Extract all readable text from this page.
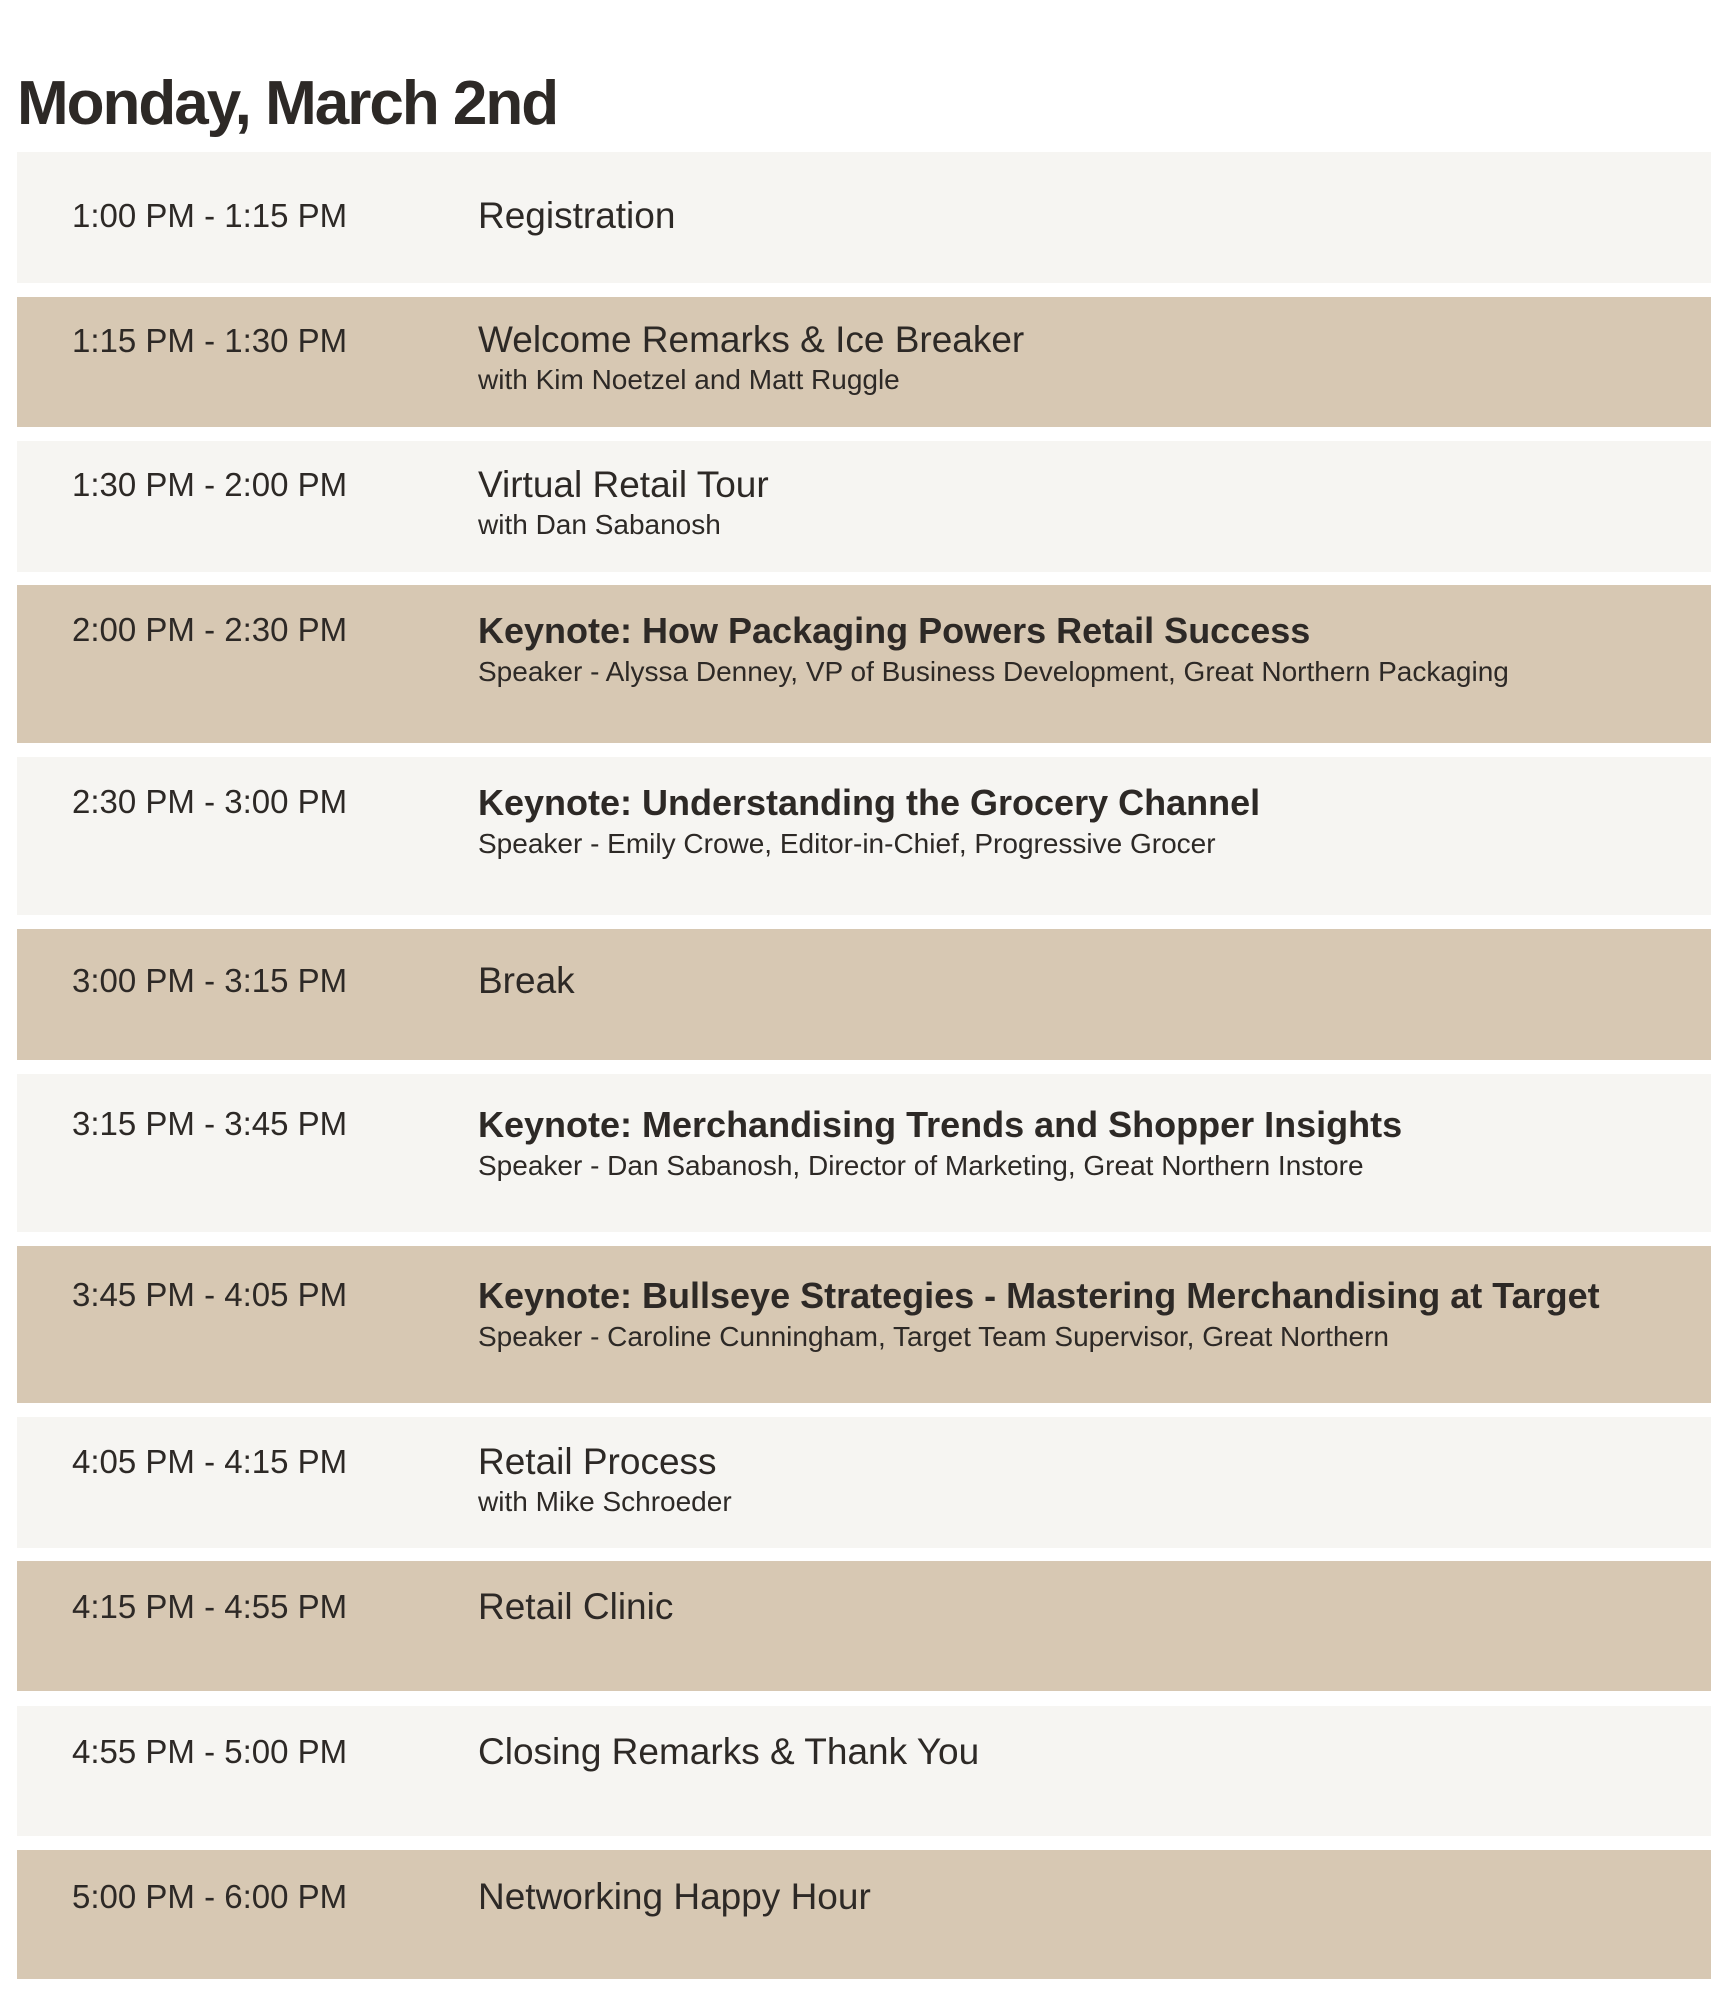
Monday, March 2nd
1:00 PM - 1:15 PM	Registration
1:15 PM - 1:30 PM	Welcome Remarks & Ice Breaker
with Kim Noetzel and Matt Ruggle
1:30 PM - 2:00 PM	Virtual Retail Tour
with Dan Sabanosh
2:00 PM - 2:30 PM	Keynote: How Packaging Powers Retail Success
Speaker - Alyssa Denney, VP of Business Development, Great Northern Packaging
2:30 PM - 3:00 PM	Keynote: Understanding the Grocery Channel
Speaker - Emily Crowe, Editor-in-Chief, Progressive Grocer
3:00 PM - 3:15 PM	Break
3:15 PM - 3:45 PM	Keynote: Merchandising Trends and Shopper Insights
Speaker - Dan Sabanosh, Director of Marketing, Great Northern Instore
3:45 PM - 4:05 PM	Keynote: Bullseye Strategies - Mastering Merchandising at Target
Speaker - Caroline Cunningham, Target Team Supervisor, Great Northern
4:05 PM - 4:15 PM	Retail Process
with Mike Schroeder
4:15 PM - 4:55 PM	Retail Clinic
4:55 PM - 5:00 PM	Closing Remarks & Thank You
5:00 PM - 6:00 PM	Networking Happy Hour
